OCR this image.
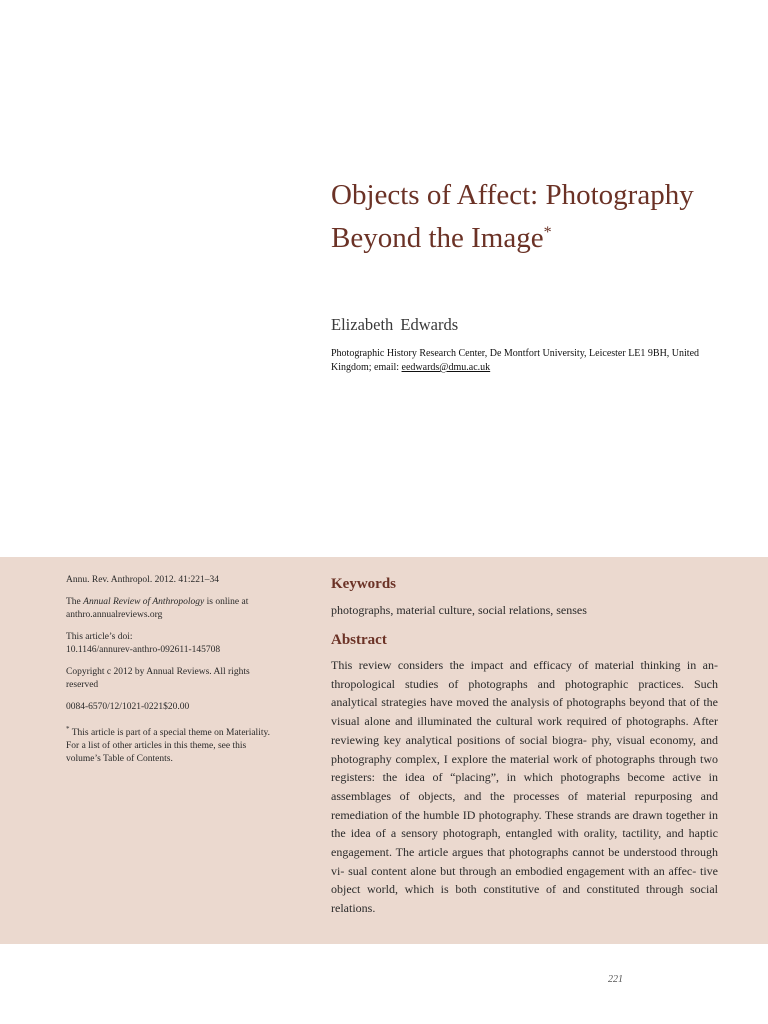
Objects of Affect: Photography Beyond the Image*
Elizabeth Edwards
Photographic History Research Center, De Montfort University, Leicester LE1 9BH, United Kingdom; email: eedwards@dmu.ac.uk

Annu. Rev. Anthropol. 2012. 41:221–34

The Annual Review of Anthropology is online at anthro.annualreviews.org

This article’s doi:
10.1146/annurev-anthro-092611-145708

Copyright c 2012 by Annual Reviews. All rights reserved

0084-6570/12/1021-0221$20.00

* This article is part of a special theme on Materiality. For a list of other articles in this theme, see this volume’s Table of Contents.

Keywords
photographs, material culture, social relations, senses
Abstract
This review considers the impact and efficacy of material thinking in an- thropological studies of photographs and photographic practices. Such analytical strategies have moved the analysis of photographs beyond that of the visual alone and illuminated the cultural work required of photographs. After reviewing key analytical positions of social biogra- phy, visual economy, and photography complex, I explore the material work of photographs through two registers: the idea of “placing”, in which photographs become active in assemblages of objects, and the processes of material repurposing and remediation of the humble ID photography. These strands are drawn together in the idea of a sensory photograph, entangled with orality, tactility, and haptic engagement. The article argues that photographs cannot be understood through vi- sual content alone but through an embodied engagement with an affec- tive object world, which is both constitutive of and constituted through social relations.
221
